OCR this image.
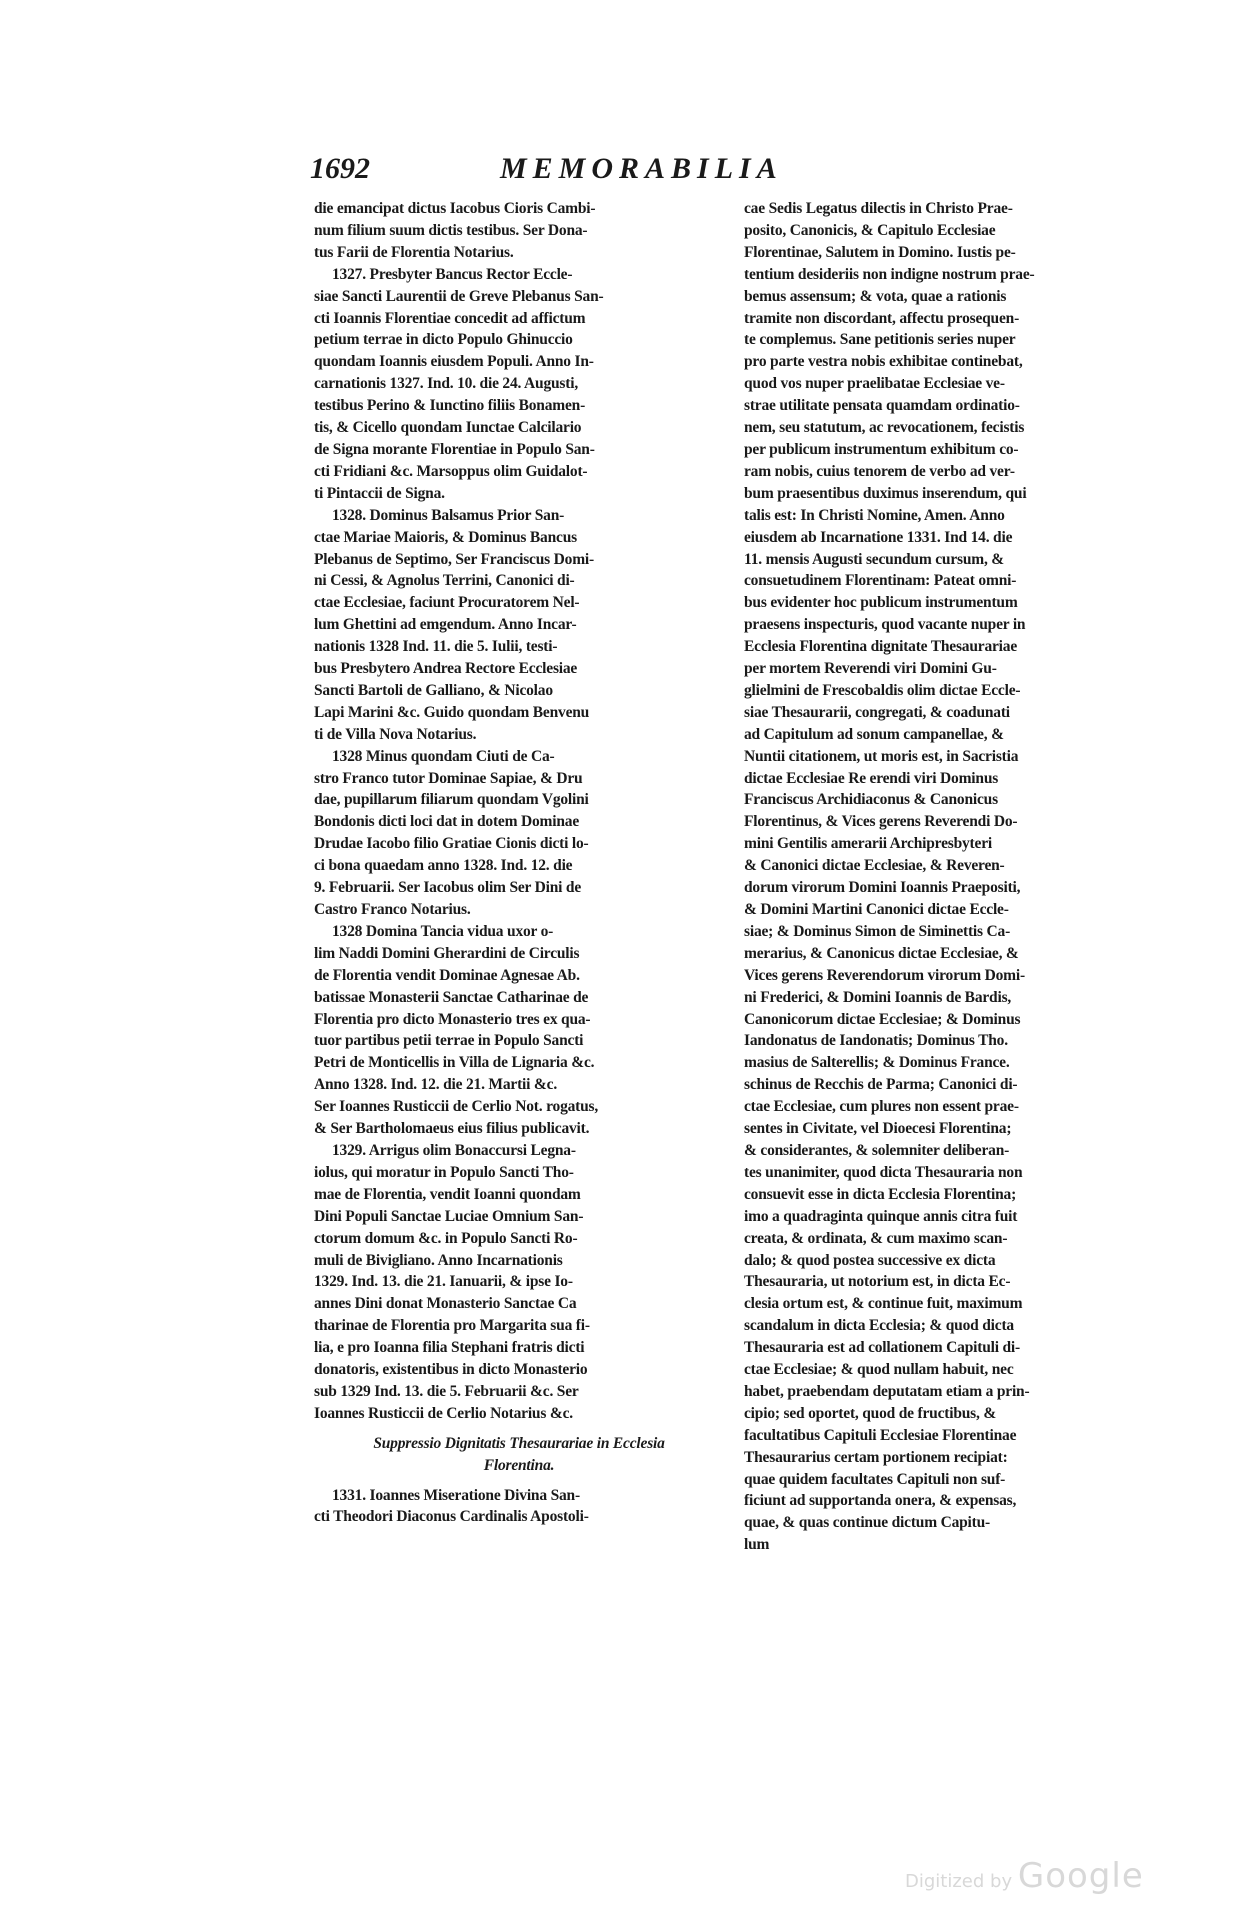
1692	MEMORABILIA
die emancipat dictus Iacobus Cioris Cambi-
num filium suum dictis testibus. Ser Dona-
tus Farii de Florentia Notarius.
1327. Presbyter Bancus Rector Eccle-
siae Sancti Laurentii de Greve Plebanus San-
cti Ioannis Florentiae concedit ad affictum
petium terrae in dicto Populo Ghinuccio
quondam Ioannis eiusdem Populi. Anno In-
carnationis 1327. Ind. 10. die 24. Augusti,
testibus Perino & Iunctino filiis Bonamen-
tis, & Cicello quondam Iunctae Calcilario
de Signa morante Florentiae in Populo San-
cti Fridiani &c. Marsoppus olim Guidalot-
ti Pintaccii de Signa.
1328. Dominus Balsamus Prior San-
ctae Mariae Maioris, & Dominus Bancus
Plebanus de Septimo, Ser Franciscus Domi-
ni Cessi, & Agnolus Terrini, Canonici di-
ctae Ecclesiae, faciunt Procuratorem Nel-
lum Ghettini ad emgendum. Anno Incar-
nationis 1328 Ind. 11. die 5. Iulii, testi-
bus Presbytero Andrea Rectore Ecclesiae
Sancti Bartoli de Galliano, & Nicolao
Lapi Marini &c. Guido quondam Benvenu
ti de Villa Nova Notarius.
1328 Minus quondam Ciuti de Ca-
stro Franco tutor Dominae Sapiae, & Dru
dae, pupillarum filiarum quondam Vgolini
Bondonis dicti loci dat in dotem Dominae
Drudae Iacobo filio Gratiae Cionis dicti lo-
ci bona quaedam anno 1328. Ind. 12. die
9. Februarii. Ser Iacobus olim Ser Dini de
Castro Franco Notarius.
1328 Domina Tancia vidua uxor o-
lim Naddi Domini Gherardini de Circulis
de Florentia vendit Dominae Agnesae Ab.
batissae Monasterii Sanctae Catharinae de
Florentia pro dicto Monasterio tres ex qua-
tuor partibus petii terrae in Populo Sancti
Petri de Monticellis in Villa de Lignaria &c.
Anno 1328. Ind. 12. die 21. Martii &c.
Ser Ioannes Rusticcii de Cerlio Not. rogatus,
& Ser Bartholomaeus eius filius publicavit.
1329. Arrigus olim Bonaccursi Legna-
iolus, qui moratur in Populo Sancti Tho-
mae de Florentia, vendit Ioanni quondam
Dini Populi Sanctae Luciae Omnium San-
ctorum domum &c. in Populo Sancti Ro-
muli de Bivigliano. Anno Incarnationis
1329. Ind. 13. die 21. Ianuarii, & ipse Io-
annes Dini donat Monasterio Sanctae Ca
tharinae de Florentia pro Margarita sua fi-
lia, e pro Ioanna filia Stephani fratris dicti
donatoris, existentibus in dicto Monasterio
sub 1329 Ind. 13. die 5. Februarii &c. Ser
Ioannes Rusticcii de Cerlio Notarius &c.
Suppressio Dignitatis Thesaurariae in Ecclesia
Florentina.
1331. Ioannes Miseratione Divina San-
cti Theodori Diaconus Cardinalis Apostoli-
cae Sedis Legatus dilectis in Christo Prae-
posito, Canonicis, & Capitulo Ecclesiae
Florentinae, Salutem in Domino. Iustis pe-
tentium desideriis non indigne nostrum prae-
bemus assensum; & vota, quae a rationis
tramite non discordant, affectu prosequen-
te complemus. Sane petitionis series nuper
pro parte vestra nobis exhibitae continebat,
quod vos nuper praelibatae Ecclesiae ve-
strae utilitate pensata quamdam ordinatio-
nem, seu statutum, ac revocationem, fecistis
per publicum instrumentum exhibitum co-
ram nobis, cuius tenorem de verbo ad ver-
bum praesentibus duximus inserendum, qui
talis est: In Christi Nomine, Amen. Anno
eiusdem ab Incarnatione 1331. Ind 14. die
11. mensis Augusti secundum cursum, &
consuetudinem Florentinam: Pateat omni-
bus evidenter hoc publicum instrumentum
praesens inspecturis, quod vacante nuper in
Ecclesia Florentina dignitate Thesaurariae
per mortem Reverendi viri Domini Gu-
glielmini de Frescobaldis olim dictae Eccle-
siae Thesaurarii, congregati, & coadunati
ad Capitulum ad sonum campanellae, &
Nuntii citationem, ut moris est, in Sacristia
dictae Ecclesiae Re erendi viri Dominus
Franciscus Archidiaconus & Canonicus
Florentinus, & Vices gerens Reverendi Do-
mini Gentilis amerarii Archipresbyteri
& Canonici dictae Ecclesiae, & Reveren-
dorum virorum Domini Ioannis Praepositi,
& Domini Martini Canonici dictae Eccle-
siae; & Dominus Simon de Siminettis Ca-
merarius, & Canonicus dictae Ecclesiae, &
Vices gerens Reverendorum virorum Domi-
ni Frederici, & Domini Ioannis de Bardis,
Canonicorum dictae Ecclesiae; & Dominus
Iandonatus de Iandonatis; Dominus Tho.
masius de Salterellis; & Dominus France.
schinus de Recchis de Parma; Canonici di-
ctae Ecclesiae, cum plures non essent prae-
sentes in Civitate, vel Dioecesi Florentina;
& considerantes, & solemniter deliberan-
tes unanimiter, quod dicta Thesauraria non
consuevit esse in dicta Ecclesia Florentina;
imo a quadraginta quinque annis citra fuit
creata, & ordinata, & cum maximo scan-
dalo; & quod postea successive ex dicta
Thesauraria, ut notorium est, in dicta Ec-
clesia ortum est, & continue fuit, maximum
scandalum in dicta Ecclesia; & quod dicta
Thesauraria est ad collationem Capituli di-
ctae Ecclesiae; & quod nullam habuit, nec
habet, praebendam deputatam etiam a prin-
cipio; sed oportet, quod de fructibus, &
facultatibus Capituli Ecclesiae Florentinae
Thesaurarius certam portionem recipiat:
quae quidem facultates Capituli non suf-
ficiunt ad supportanda onera, & expensas,
quae, & quas continue dictum Capitu-
lum
Digitized by Google
